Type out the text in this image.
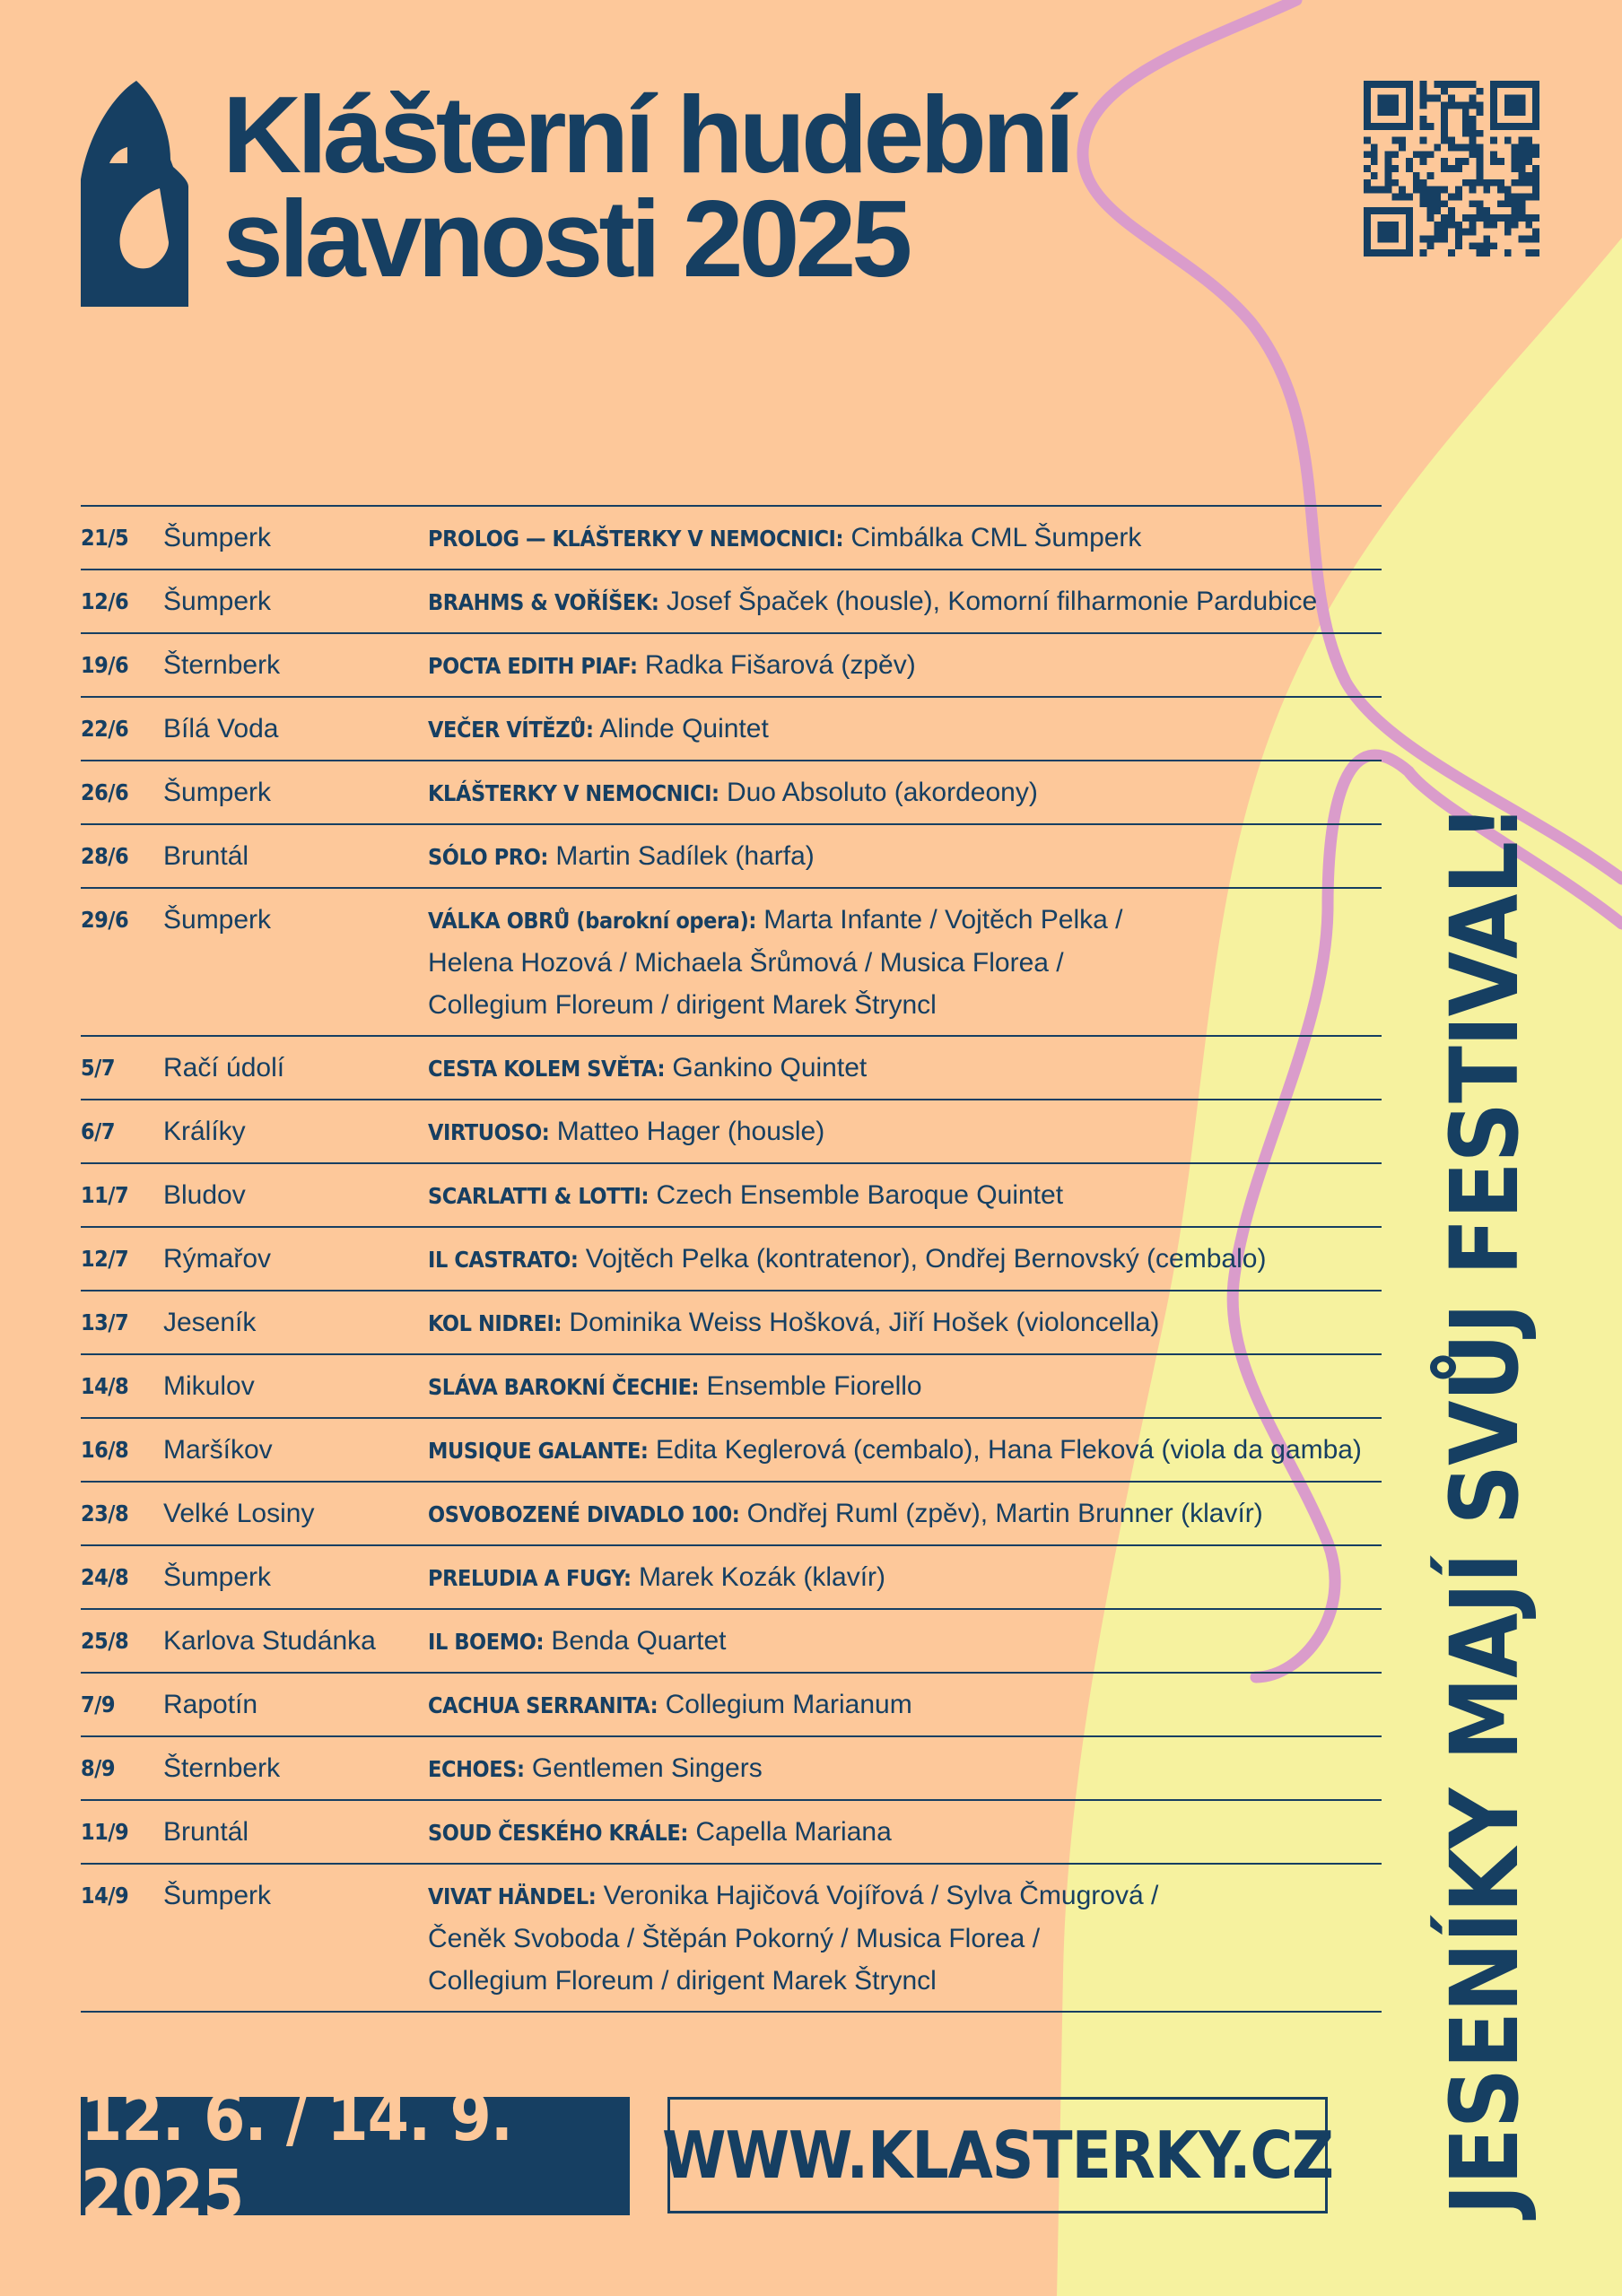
Klášterní hudební
slavnosti 2025
21/5	Šumperk	PROLOG — KLÁŠTERKY V NEMOCNICI: Cimbálka CML Šumperk
12/6	Šumperk	BRAHMS & VOŘÍŠEK: Josef Špaček (housle), Komorní filharmonie Pardubice
19/6	Šternberk	POCTA EDITH PIAF: Radka Fišarová (zpěv)
22/6	Bílá Voda	VEČER VÍTĚZŮ: Alinde Quintet
26/6	Šumperk	KLÁŠTERKY V NEMOCNICI: Duo Absoluto (akordeony)
28/6	Bruntál	SÓLO PRO: Martin Sadílek (harfa)
29/6	Šumperk	VÁLKA OBRŮ (barokní opera): Marta Infante / Vojtěch Pelka /
Helena Hozová / Michaela Šrůmová / Musica Florea /
Collegium Floreum / dirigent Marek Štryncl
5/7	Račí údolí	CESTA KOLEM SVĚTA: Gankino Quintet
6/7	Králíky	VIRTUOSO: Matteo Hager (housle)
11/7	Bludov	SCARLATTI & LOTTI: Czech Ensemble Baroque Quintet
12/7	Rýmařov	IL CASTRATO: Vojtěch Pelka (kontratenor), Ondřej Bernovský (cembalo)
13/7	Jeseník	KOL NIDREI: Dominika Weiss Hošková, Jiří Hošek (violoncella)
14/8	Mikulov	SLÁVA BAROKNÍ ČECHIE: Ensemble Fiorello
16/8	Maršíkov	MUSIQUE GALANTE: Edita Keglerová (cembalo), Hana Fleková (viola da gamba)
23/8	Velké Losiny	OSVOBOZENÉ DIVADLO 100: Ondřej Ruml (zpěv), Martin Brunner (klavír)
24/8	Šumperk	PRELUDIA A FUGY: Marek Kozák (klavír)
25/8	Karlova Studánka	IL BOEMO: Benda Quartet
7/9	Rapotín	CACHUA SERRANITA: Collegium Marianum
8/9	Šternberk	ECHOES: Gentlemen Singers
11/9	Bruntál	SOUD ČESKÉHO KRÁLE: Capella Mariana
14/9	Šumperk	VIVAT HÄNDEL: Veronika Hajičová Vojířová / Sylva Čmugrová /
Čeněk Svoboda / Štěpán Pokorný / Musica Florea /
Collegium Floreum / dirigent Marek Štryncl	JESENÍKY MAJÍ SVŮJ FESTIVAL!
12. 6. / 14. 9. 2025
WWW.KLASTERKY.CZ
